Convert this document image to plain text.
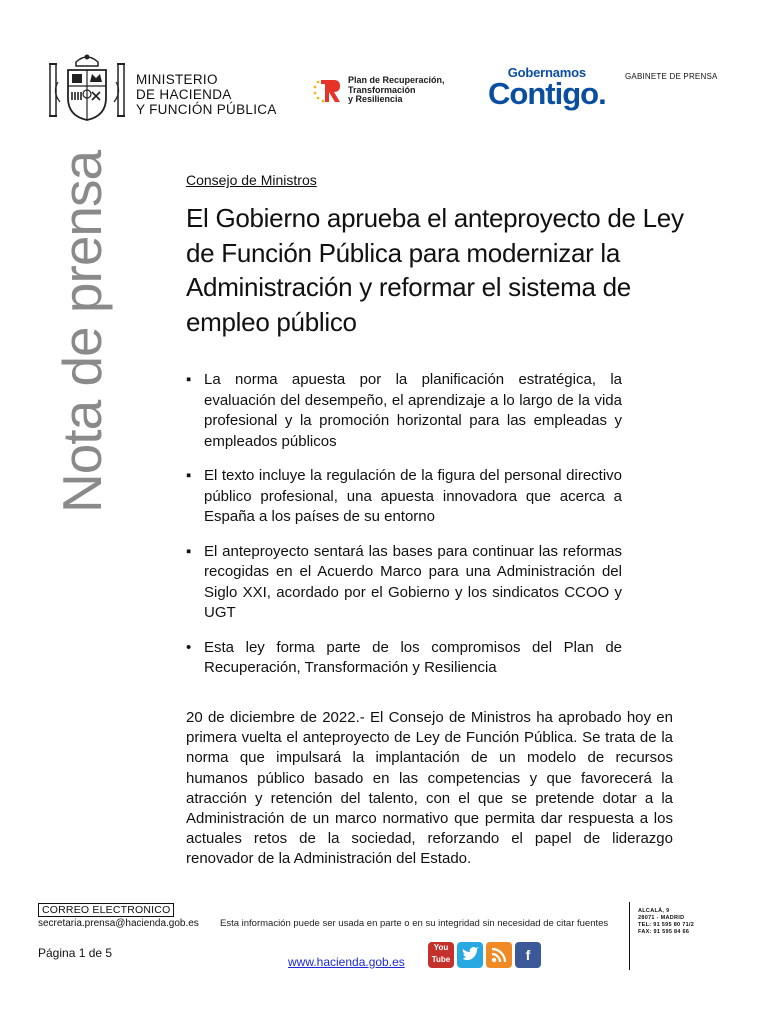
MINISTERIO
DE HACIENDA
Y FUNCIÓN PÚBLICA
Plan de Recuperación,
Transformación
y Resiliencia
Gobernamos
Contigo. GABINETE DE PRENSA
Nota de prensa	Consejo de Ministros
El Gobierno aprueba el anteproyecto de Ley de Función Pública para modernizar la Administración y reformar el sistema de empleo público
▪ La norma apuesta por la planificación estratégica, la evaluación del desempeño, el aprendizaje a lo largo de la vida profesional y la promoción horizontal para las empleadas y empleados públicos
▪ El texto incluye la regulación de la figura del personal directivo público profesional, una apuesta innovadora que acerca a España a los países de su entorno
▪ El anteproyecto sentará las bases para continuar las reformas recogidas en el Acuerdo Marco para una Administración del Siglo XXI, acordado por el Gobierno y los sindicatos CCOO y UGT
• Esta ley forma parte de los compromisos del Plan de Recuperación, Transformación y Resiliencia

20 de diciembre de 2022.- El Consejo de Ministros ha aprobado hoy en primera vuelta el anteproyecto de Ley de Función Pública. Se trata de la norma que impulsará la implantación de un modelo de recursos humanos público basado en las competencias y que favorecerá la atracción y retención del talento, con el que se pretende dotar a la Administración de un marco normativo que permita dar respuesta a los actuales retos de la sociedad, reforzando el papel de liderazgo renovador de la Administración del Estado.

CORREO ELECTRONICO
secretaria.prensa@hacienda.gob.es Esta información puede ser usada en parte o en su integridad sin necesidad de citar fuentes
Página 1 de 5
www.hacienda.gob.es
You
Tube	f
ALCALÁ, 9
28071 - MADRID
TEL: 91 595 80 71/2
FAX: 91 595 84 66
